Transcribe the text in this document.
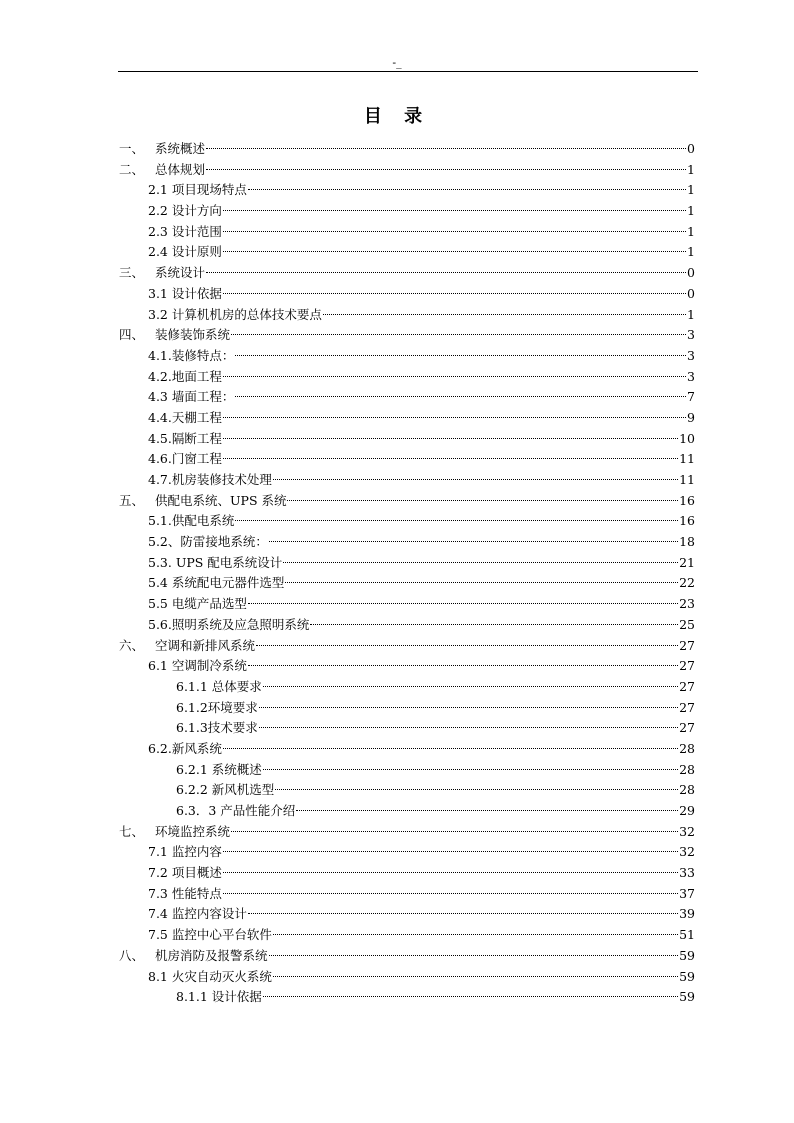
-_
目 录
一、 系统概述	0
二、 总体规划	1
2.1 项目现场特点	1
2.2 设计方向	1
2.3 设计范围	1
2.4 设计原则	1
三、 系统设计	0
3.1 设计依据	0
3.2 计算机机房的总体技术要点	1
四、 装修装饰系统	3
4.1.装修特点：	3
4.2.地面工程	3
4.3 墙面工程：	7
4.4.天棚工程	9
4.5.隔断工程	10
4.6.门窗工程	11
4.7.机房装修技术处理	11
五、 供配电系统、UPS 系统	16
5.1.供配电系统	16
5.2、防雷接地系统：	18
5.3. UPS 配电系统设计	21
5.4 系统配电元器件选型	22
5.5 电缆产品选型	23
5.6.照明系统及应急照明系统	25
六、 空调和新排风系统	27
6.1 空调制冷系统	27
6.1.1 总体要求	27
6.1.2环境要求	27
6.1.3技术要求	27
6.2.新风系统	28
6.2.1 系统概述	28
6.2.2 新风机选型	28
6.3．3 产品性能介绍	29
七、 环境监控系统	32
7.1 监控内容	32
7.2 项目概述	33
7.3 性能特点	37
7.4 监控内容设计	39
7.5 监控中心平台软件	51
八、 机房消防及报警系统	59
8.1 火灾自动灭火系统	59
8.1.1 设计依据	59
